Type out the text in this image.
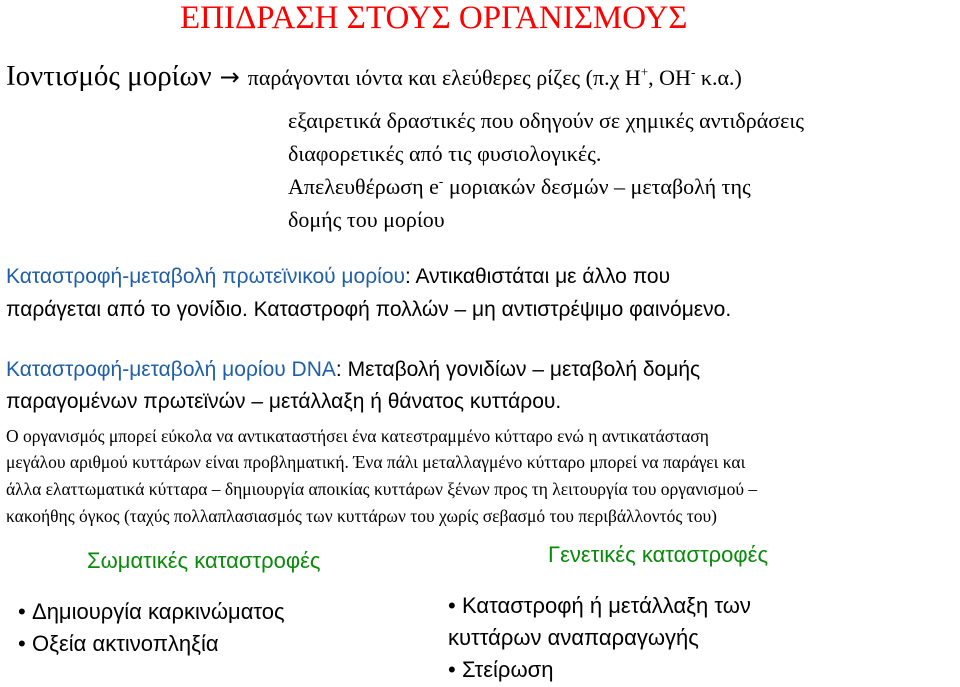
ΕΠΙΔΡΑΣΗ ΣΤΟΥΣ ΟΡΓΑΝΙΣΜΟΥΣ
Ιοντισμός μορίων → παράγονται ιόντα και ελεύθερες ρίζες (π.χ H+, OH- κ.α.)
εξαιρετικά δραστικές που οδηγούν σε χημικές αντιδράσεις
διαφορετικές από τις φυσιολογικές.
Απελευθέρωση e- μοριακών δεσμών – μεταβολή της
δομής του μορίου
Καταστροφή-μεταβολή πρωτεϊνικού μορίου: Αντικαθιστάται με άλλο που
παράγεται από το γονίδιο. Καταστροφή πολλών – μη αντιστρέψιμο φαινόμενο.
Καταστροφή-μεταβολή μορίου DNA: Μεταβολή γονιδίων – μεταβολή δομής
παραγομένων πρωτεϊνών – μετάλλαξη ή θάνατος κυττάρου.
Ο οργανισμός μπορεί εύκολα να αντικαταστήσει ένα κατεστραμμένο κύτταρο ενώ η αντικατάσταση
μεγάλου αριθμού κυττάρων είναι προβληματική. Ένα πάλι μεταλλαγμένο κύτταρο μπορεί να παράγει και
άλλα ελαττωματικά κύτταρα – δημιουργία αποικίας κυττάρων ξένων προς τη λειτουργία του οργανισμού –
κακοήθης όγκος (ταχύς πολλαπλασιασμός των κυττάρων του χωρίς σεβασμό του περιβάλλοντός του)
Σωματικές καταστροφές
• Δημιουργία καρκινώματος
• Οξεία ακτινοπληξία
Γενετικές καταστροφές
• Καταστροφή ή μετάλλαξη των
κυττάρων αναπαραγωγής
• Στείρωση
